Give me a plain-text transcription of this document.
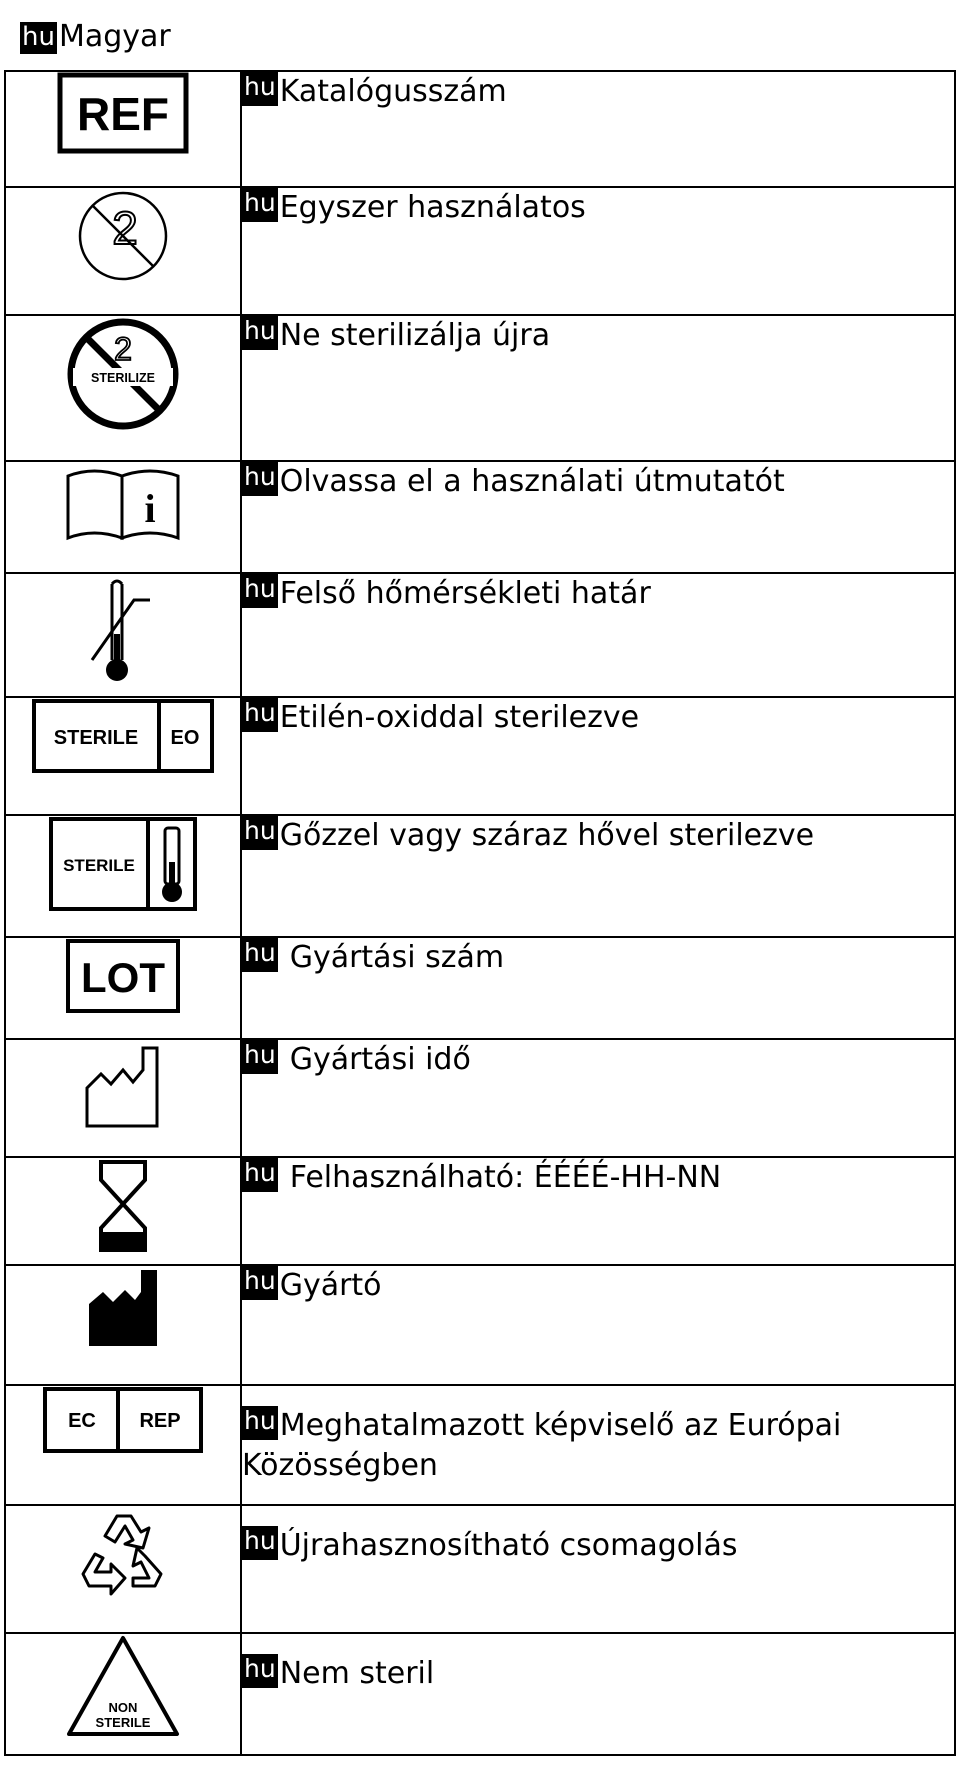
hu Magyar
REF	hu Katalógusszám

2	hu Egyszer használatos

2
STERILIZE	hu Ne sterilizálja újra

i	hu Olvassa el a használati útmutatót

	hu Felső hőmérsékleti határ

STERILE EO	hu Etilén-oxiddal sterilezve

STERILE	hu Gőzzel vagy száraz hővel sterilezve

LOT	hu Gyártási szám

	hu Gyártási idő

	hu Felhasználható: ÉÉÉÉ-HH-NN

	hu Gyártó

EC REP	hu Meghatalmazott képviselő az Európai Közösségben

	hu Újrahasznosítható csomagolás

NON
STERILE	hu Nem steril
